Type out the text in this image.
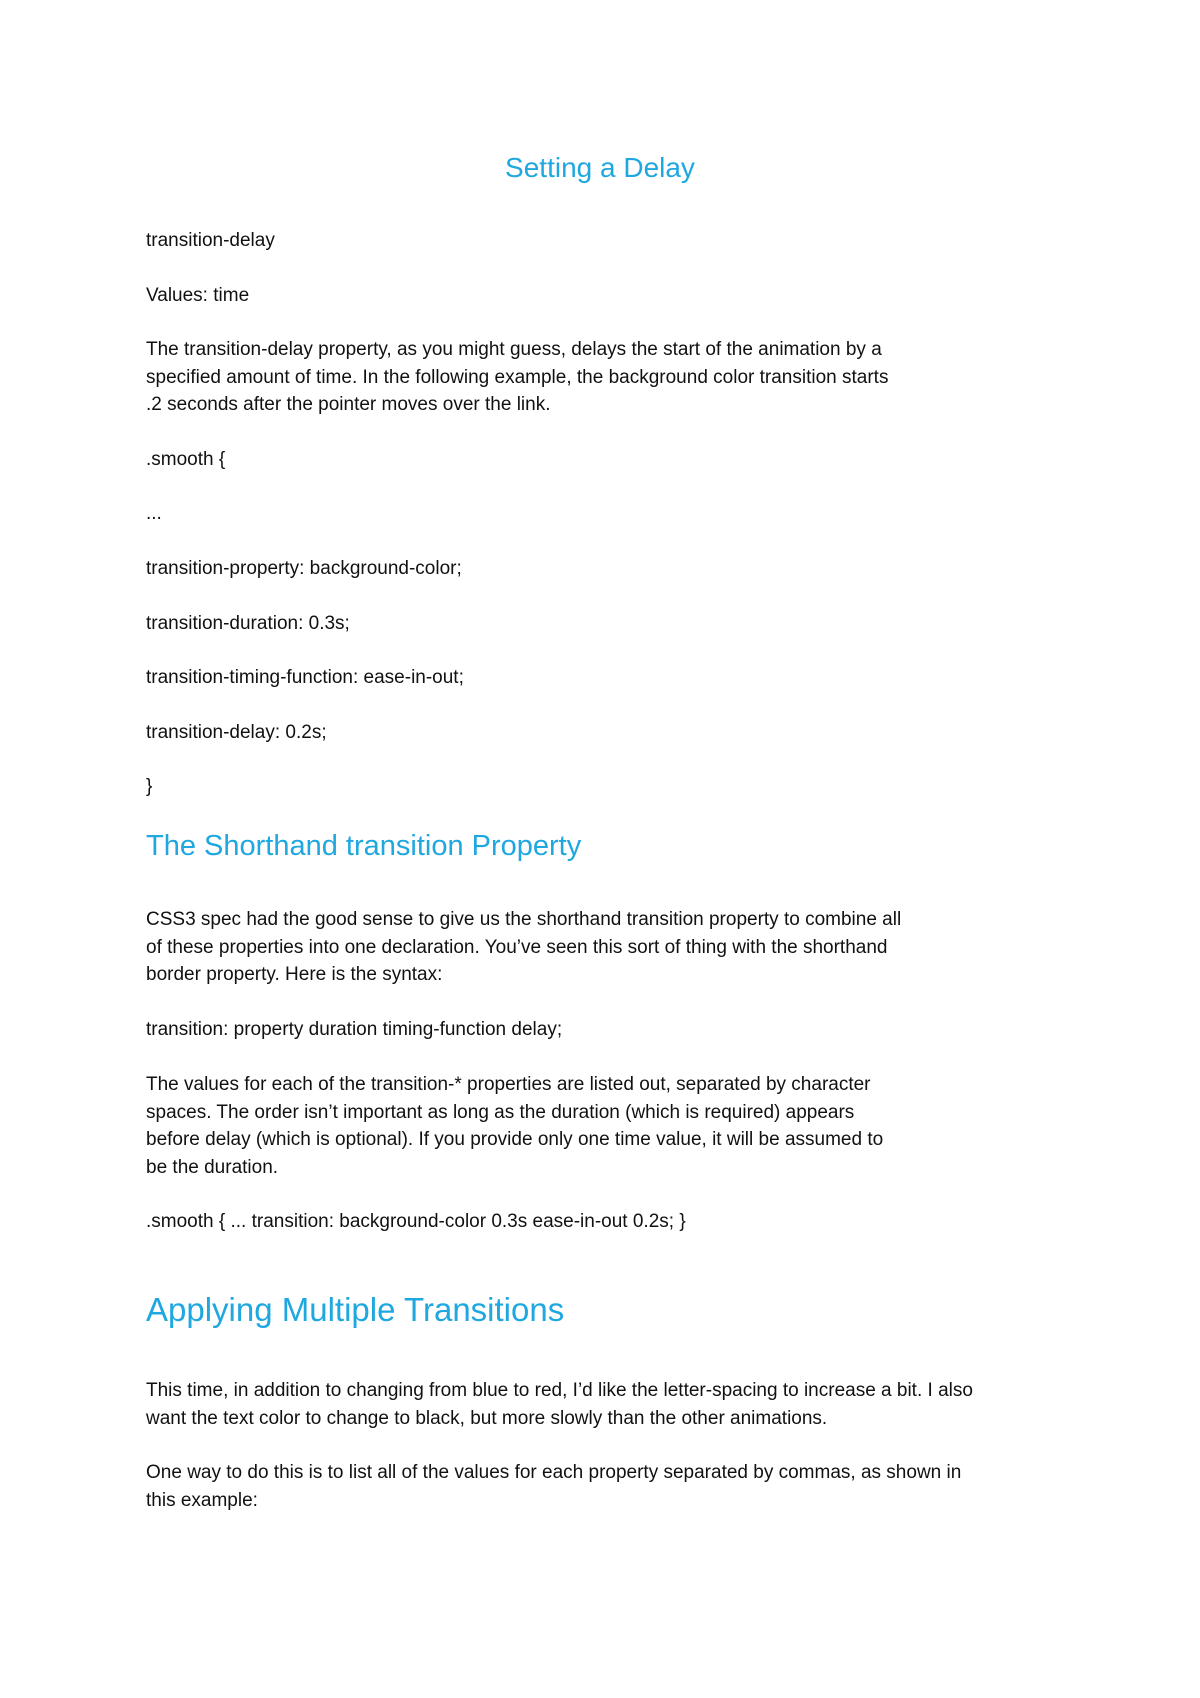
Setting a Delay
transition-delay
Values: time
The transition-delay property, as you might guess, delays the start of the animation by a
specified amount of time. In the following example, the background color transition starts
.2 seconds after the pointer moves over the link.
.smooth {
...
transition-property: background-color;
transition-duration: 0.3s;
transition-timing-function: ease-in-out;
transition-delay: 0.2s;
}
The Shorthand transition Property
CSS3 spec had the good sense to give us the shorthand transition property to combine all
of these properties into one declaration. You’ve seen this sort of thing with the shorthand
border property. Here is the syntax:
transition: property duration timing-function delay;
The values for each of the transition-* properties are listed out, separated by character
spaces. The order isn’t important as long as the duration (which is required) appears
before delay (which is optional). If you provide only one time value, it will be assumed to
be the duration.
.smooth { ... transition: background-color 0.3s ease-in-out 0.2s; }
Applying Multiple Transitions
This time, in addition to changing from blue to red, I’d like the letter-spacing to increase a bit. I also
want the text color to change to black, but more slowly than the other animations.
One way to do this is to list all of the values for each property separated by commas, as shown in
this example:
